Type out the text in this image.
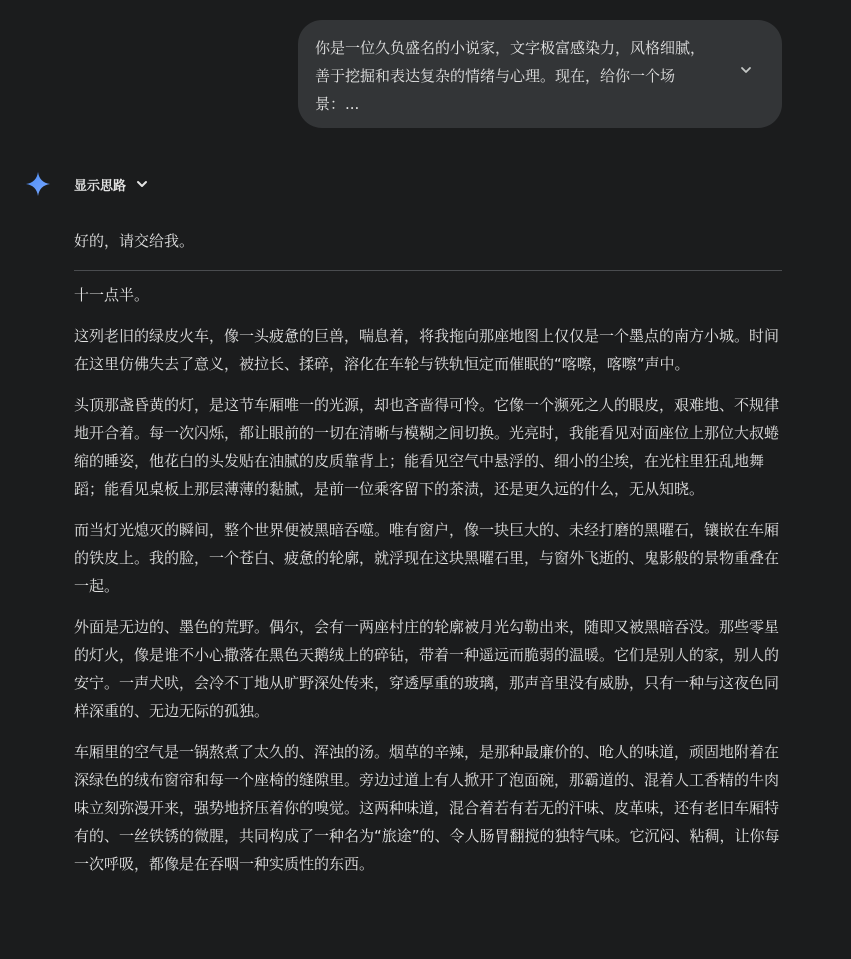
你是一位久负盛名的小说家，文字极富感染力，风格细腻，善于挖掘和表达复杂的情绪与心理。现在，给你一个场景：...

显示思路

好的，请交给我。

十一点半。

这列老旧的绿皮火车，像一头疲惫的巨兽，喘息着，将我拖向那座地图上仅仅是一个墨点的南方小城。时间在这里仿佛失去了意义，被拉长、揉碎，溶化在车轮与铁轨恒定而催眠的“喀嚓，喀嚓”声中。

头顶那盏昏黄的灯，是这节车厢唯一的光源，却也吝啬得可怜。它像一个濒死之人的眼皮，艰难地、不规律地开合着。每一次闪烁，都让眼前的一切在清晰与模糊之间切换。光亮时，我能看见对面座位上那位大叔蜷缩的睡姿，他花白的头发贴在油腻的皮质靠背上；能看见空气中悬浮的、细小的尘埃，在光柱里狂乱地舞蹈；能看见桌板上那层薄薄的黏腻，是前一位乘客留下的茶渍，还是更久远的什么，无从知晓。

而当灯光熄灭的瞬间，整个世界便被黑暗吞噬。唯有窗户，像一块巨大的、未经打磨的黑曜石，镶嵌在车厢的铁皮上。我的脸，一个苍白、疲惫的轮廓，就浮现在这块黑曜石里，与窗外飞逝的、鬼影般的景物重叠在一起。

外面是无边的、墨色的荒野。偶尔，会有一两座村庄的轮廓被月光勾勒出来，随即又被黑暗吞没。那些零星的灯火，像是谁不小心撒落在黑色天鹅绒上的碎钻，带着一种遥远而脆弱的温暖。它们是别人的家，别人的安宁。一声犬吠，会冷不丁地从旷野深处传来，穿透厚重的玻璃，那声音里没有威胁，只有一种与这夜色同样深重的、无边无际的孤独。

车厢里的空气是一锅熬煮了太久的、浑浊的汤。烟草的辛辣，是那种最廉价的、呛人的味道，顽固地附着在深绿色的绒布窗帘和每一个座椅的缝隙里。旁边过道上有人掀开了泡面碗，那霸道的、混着人工香精的牛肉味立刻弥漫开来，强势地挤压着你的嗅觉。这两种味道，混合着若有若无的汗味、皮革味，还有老旧车厢特有的、一丝铁锈的微腥，共同构成了一种名为“旅途”的、令人肠胃翻搅的独特气味。它沉闷、粘稠，让你每一次呼吸，都像是在吞咽一种实质性的东西。
